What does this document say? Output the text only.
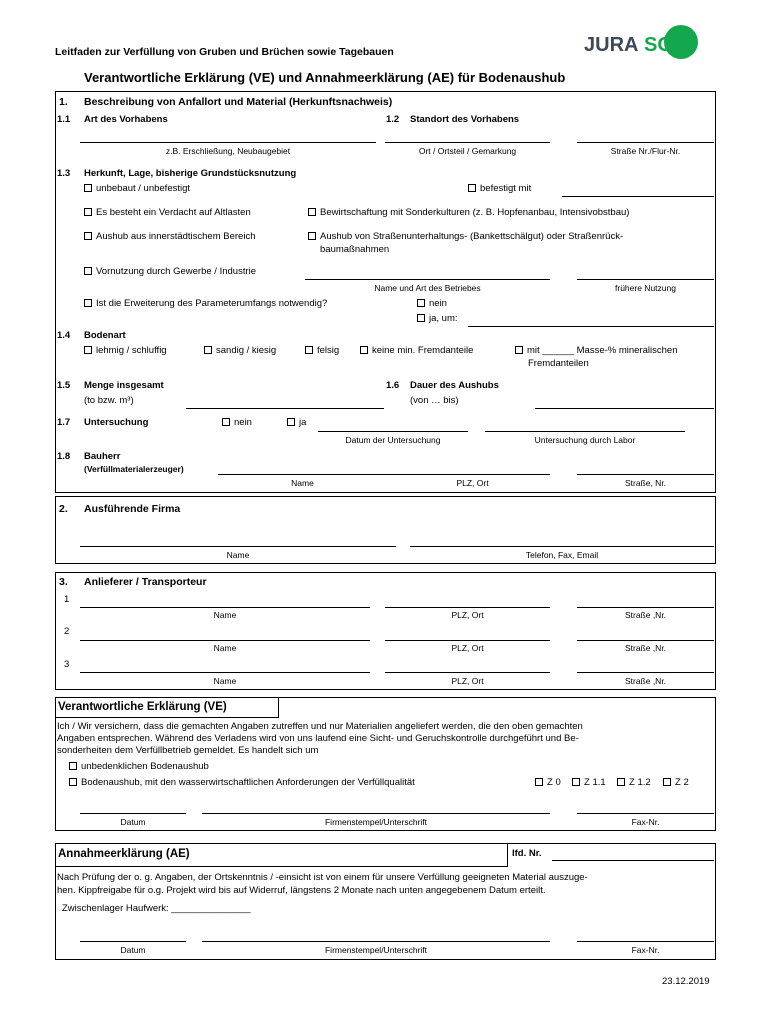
Leitfaden zur Verfüllung von Gruben und Brüchen sowie Tagebauen	JURA SOIL
Verantwortliche Erklärung (VE) und Annahmeerklärung (AE) für Bodenaushub
1. Beschreibung von Anfallort und Material (Herkunftsnachweis)
1.1 Art des Vorhabens	1.2 Standort des Vorhabens
z.B. Erschließung, Neubaugebiet	Ort / Ortsteil / Gemarkung	Straße Nr./Flur-Nr.
1.3 Herkunft, Lage, bisherige Grundstücksnutzung
unbebaut / unbefestigt	befestigt mit
Es besteht ein Verdacht auf Altlasten	Bewirtschaftung mit Sonderkulturen (z. B. Hopfenanbau, Intensivobstbau)
Aushub aus innerstädtischem Bereich	Aushub von Straßenunterhaltungs- (Bankettschälgut) oder Straßenrück-
baumaßnahmen
Vornutzung durch Gewerbe / Industrie
Name und Art des Betriebes	frühere Nutzung
Ist die Erweiterung des Parameterumfangs notwendig?	nein
ja, um:
1.4 Bodenart
lehmig / schluffig	sandig / kiesig	felsig	keine min. Fremdanteile	mit ______ Masse-% mineralischen
Fremdanteilen
1.5 Menge insgesamt
(to bzw. m³)
1.6 Dauer des Aushubs
(von … bis)
1.7 Untersuchung	nein	ja
Datum der Untersuchung	Untersuchung durch Labor
1.8 Bauherr
(Verfüllmaterialerzeuger)
Name	PLZ, Ort	Straße, Nr.
2. Ausführende Firma
Name	Telefon, Fax, Email
3. Anlieferer / Transporteur
1
Name	PLZ, Ort	Straße ,Nr.
2
Name	PLZ, Ort	Straße ,Nr.
3
Name	PLZ, Ort	Straße ,Nr.
Verantwortliche Erklärung (VE)
Ich / Wir versichern, dass die gemachten Angaben zutreffen und nur Materialien angeliefert werden, die den oben gemachten
Angaben entsprechen. Während des Verladens wird von uns laufend eine Sicht- und Geruchskontrolle durchgeführt und Be-
sonderheiten dem Verfüllbetrieb gemeldet. Es handelt sich um
unbedenklichen Bodenaushub
Bodenaushub, mit den wasserwirtschaftlichen Anforderungen der Verfüllqualität	Z 0	Z 1.1	Z 1.2	Z 2
Datum	Firmenstempel/Unterschrift	Fax-Nr.
Annahmeerklärung (AE)	lfd. Nr.
Nach Prüfung der o. g. Angaben, der Ortskenntnis / -einsicht ist von einem für unsere Verfüllung geeigneten Material auszuge-
hen. Kippfreigabe für o.g. Projekt wird bis auf Widerruf, längstens 2 Monate nach unten angegebenem Datum erteilt.
Zwischenlager Haufwerk: _______________
Datum	Firmenstempel/Unterschrift	Fax-Nr.
23.12.2019
